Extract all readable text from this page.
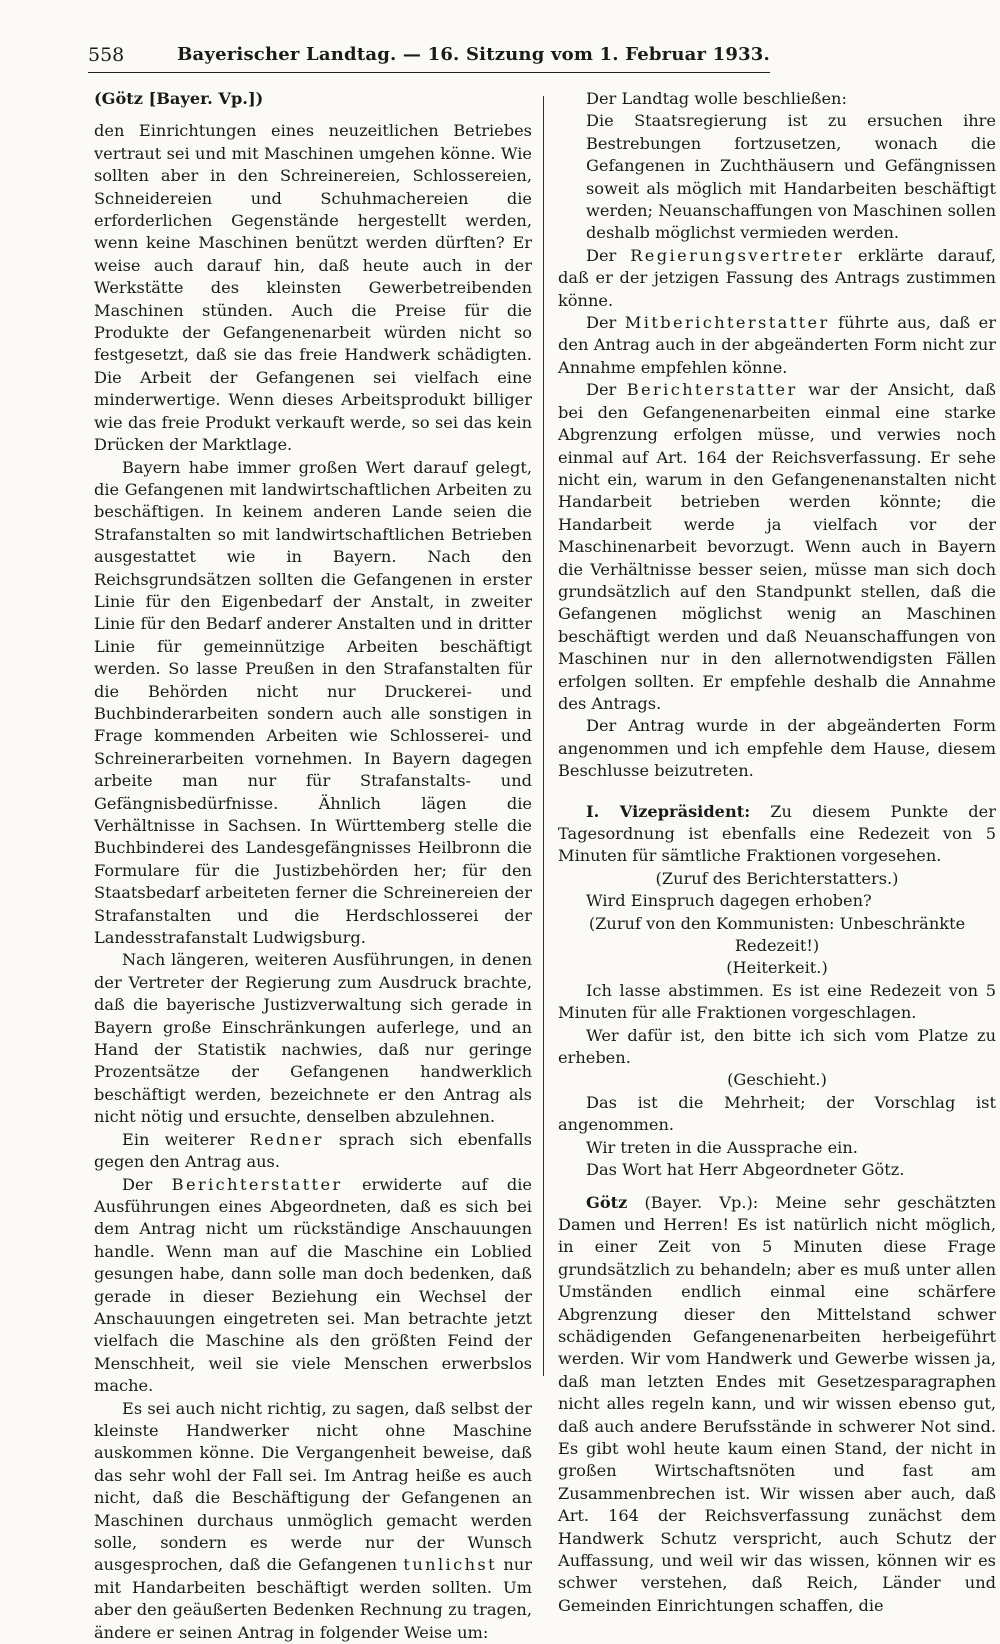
558	Bayerischer Landtag. — 16. Sitzung vom 1. Februar 1933.

(Götz [Bayer. Vp.])

den Einrichtungen eines neuzeitlichen Betriebes vertraut sei und mit Maschinen umgehen könne. Wie sollten aber in den Schreinereien, Schlossereien, Schneidereien und Schuhmachereien die erforderlichen Gegenstände hergestellt werden, wenn keine Maschinen benützt werden dürften? Er weise auch darauf hin, daß heute auch in der Werkstätte des kleinsten Gewerbetreibenden Maschinen stünden. Auch die Preise für die Produkte der Gefangenenarbeit würden nicht so festgesetzt, daß sie das freie Handwerk schädigten. Die Arbeit der Gefangenen sei vielfach eine minderwertige. Wenn dieses Arbeitsprodukt billiger wie das freie Produkt verkauft werde, so sei das kein Drücken der Marktlage.

Bayern habe immer großen Wert darauf gelegt, die Gefangenen mit landwirtschaftlichen Arbeiten zu beschäftigen. In keinem anderen Lande seien die Strafanstalten so mit landwirtschaftlichen Betrieben ausgestattet wie in Bayern. Nach den Reichsgrundsätzen sollten die Gefangenen in erster Linie für den Eigenbedarf der Anstalt, in zweiter Linie für den Bedarf anderer Anstalten und in dritter Linie für gemeinnützige Arbeiten beschäftigt werden. So lasse Preußen in den Strafanstalten für die Behörden nicht nur Druckerei- und Buchbinderarbeiten sondern auch alle sonstigen in Frage kommenden Arbeiten wie Schlosserei- und Schreinerarbeiten vornehmen. In Bayern dagegen arbeite man nur für Strafanstalts- und Gefängnisbedürfnisse. Ähnlich lägen die Verhältnisse in Sachsen. In Württemberg stelle die Buchbinderei des Landesgefängnisses Heilbronn die Formulare für die Justizbehörden her; für den Staatsbedarf arbeiteten ferner die Schreinereien der Strafanstalten und die Herdschlosserei der Landesstrafanstalt Ludwigsburg.

Nach längeren, weiteren Ausführungen, in denen der Vertreter der Regierung zum Ausdruck brachte, daß die bayerische Justizverwaltung sich gerade in Bayern große Einschränkungen auferlege, und an Hand der Statistik nachwies, daß nur geringe Prozentsätze der Gefangenen handwerklich beschäftigt werden, bezeichnete er den Antrag als nicht nötig und ersuchte, denselben abzulehnen.

Ein weiterer Redner sprach sich ebenfalls gegen den Antrag aus.

Der Berichterstatter erwiderte auf die Ausführungen eines Abgeordneten, daß es sich bei dem Antrag nicht um rückständige Anschauungen handle. Wenn man auf die Maschine ein Loblied gesungen habe, dann solle man doch bedenken, daß gerade in dieser Beziehung ein Wechsel der Anschauungen eingetreten sei. Man betrachte jetzt vielfach die Maschine als den größten Feind der Menschheit, weil sie viele Menschen erwerbslos mache.

Es sei auch nicht richtig, zu sagen, daß selbst der kleinste Handwerker nicht ohne Maschine auskommen könne. Die Vergangenheit beweise, daß das sehr wohl der Fall sei. Im Antrag heiße es auch nicht, daß die Beschäftigung der Gefangenen an Maschinen durchaus unmöglich gemacht werden solle, sondern es werde nur der Wunsch ausgesprochen, daß die Gefangenen tunlichst nur mit Handarbeiten beschäftigt werden sollten. Um aber den geäußerten Bedenken Rechnung zu tragen, ändere er seinen Antrag in folgender Weise um:

Der Landtag wolle beschließen:

Die Staatsregierung ist zu ersuchen ihre Bestrebungen fortzusetzen, wonach die Gefangenen in Zuchthäusern und Gefängnissen soweit als möglich mit Handarbeiten beschäftigt werden; Neuanschaffungen von Maschinen sollen deshalb möglichst vermieden werden.

Der Regierungsvertreter erklärte darauf, daß er der jetzigen Fassung des Antrags zustimmen könne.

Der Mitberichterstatter führte aus, daß er den Antrag auch in der abgeänderten Form nicht zur Annahme empfehlen könne.

Der Berichterstatter war der Ansicht, daß bei den Gefangenenarbeiten einmal eine starke Abgrenzung erfolgen müsse, und verwies noch einmal auf Art. 164 der Reichsverfassung. Er sehe nicht ein, warum in den Gefangenenanstalten nicht Handarbeit betrieben werden könnte; die Handarbeit werde ja vielfach vor der Maschinenarbeit bevorzugt. Wenn auch in Bayern die Verhältnisse besser seien, müsse man sich doch grundsätzlich auf den Standpunkt stellen, daß die Gefangenen möglichst wenig an Maschinen beschäftigt werden und daß Neuanschaffungen von Maschinen nur in den allernotwendigsten Fällen erfolgen sollten. Er empfehle deshalb die Annahme des Antrags.

Der Antrag wurde in der abgeänderten Form angenommen und ich empfehle dem Hause, diesem Beschlusse beizutreten.

I. Vizepräsident: Zu diesem Punkte der Tagesordnung ist ebenfalls eine Redezeit von 5 Minuten für sämtliche Fraktionen vorgesehen.

(Zuruf des Berichterstatters.)

Wird Einspruch dagegen erhoben?

(Zuruf von den Kommunisten: Unbeschränkte Redezeit!)

(Heiterkeit.)

Ich lasse abstimmen. Es ist eine Redezeit von 5 Minuten für alle Fraktionen vorgeschlagen.

Wer dafür ist, den bitte ich sich vom Platze zu erheben.

(Geschieht.)

Das ist die Mehrheit; der Vorschlag ist angenommen.

Wir treten in die Aussprache ein.

Das Wort hat Herr Abgeordneter Götz.

Götz (Bayer. Vp.): Meine sehr geschätzten Damen und Herren! Es ist natürlich nicht möglich, in einer Zeit von 5 Minuten diese Frage grundsätzlich zu behandeln; aber es muß unter allen Umständen endlich einmal eine schärfere Abgrenzung dieser den Mittelstand schwer schädigenden Gefangenenarbeiten herbeigeführt werden. Wir vom Handwerk und Gewerbe wissen ja, daß man letzten Endes mit Gesetzesparagraphen nicht alles regeln kann, und wir wissen ebenso gut, daß auch andere Berufsstände in schwerer Not sind. Es gibt wohl heute kaum einen Stand, der nicht in großen Wirtschaftsnöten und fast am Zusammenbrechen ist. Wir wissen aber auch, daß Art. 164 der Reichsverfassung zunächst dem Handwerk Schutz verspricht, auch Schutz der Auffassung, und weil wir das wissen, können wir es schwer verstehen, daß Reich, Länder und Gemeinden Einrichtungen schaffen, die
